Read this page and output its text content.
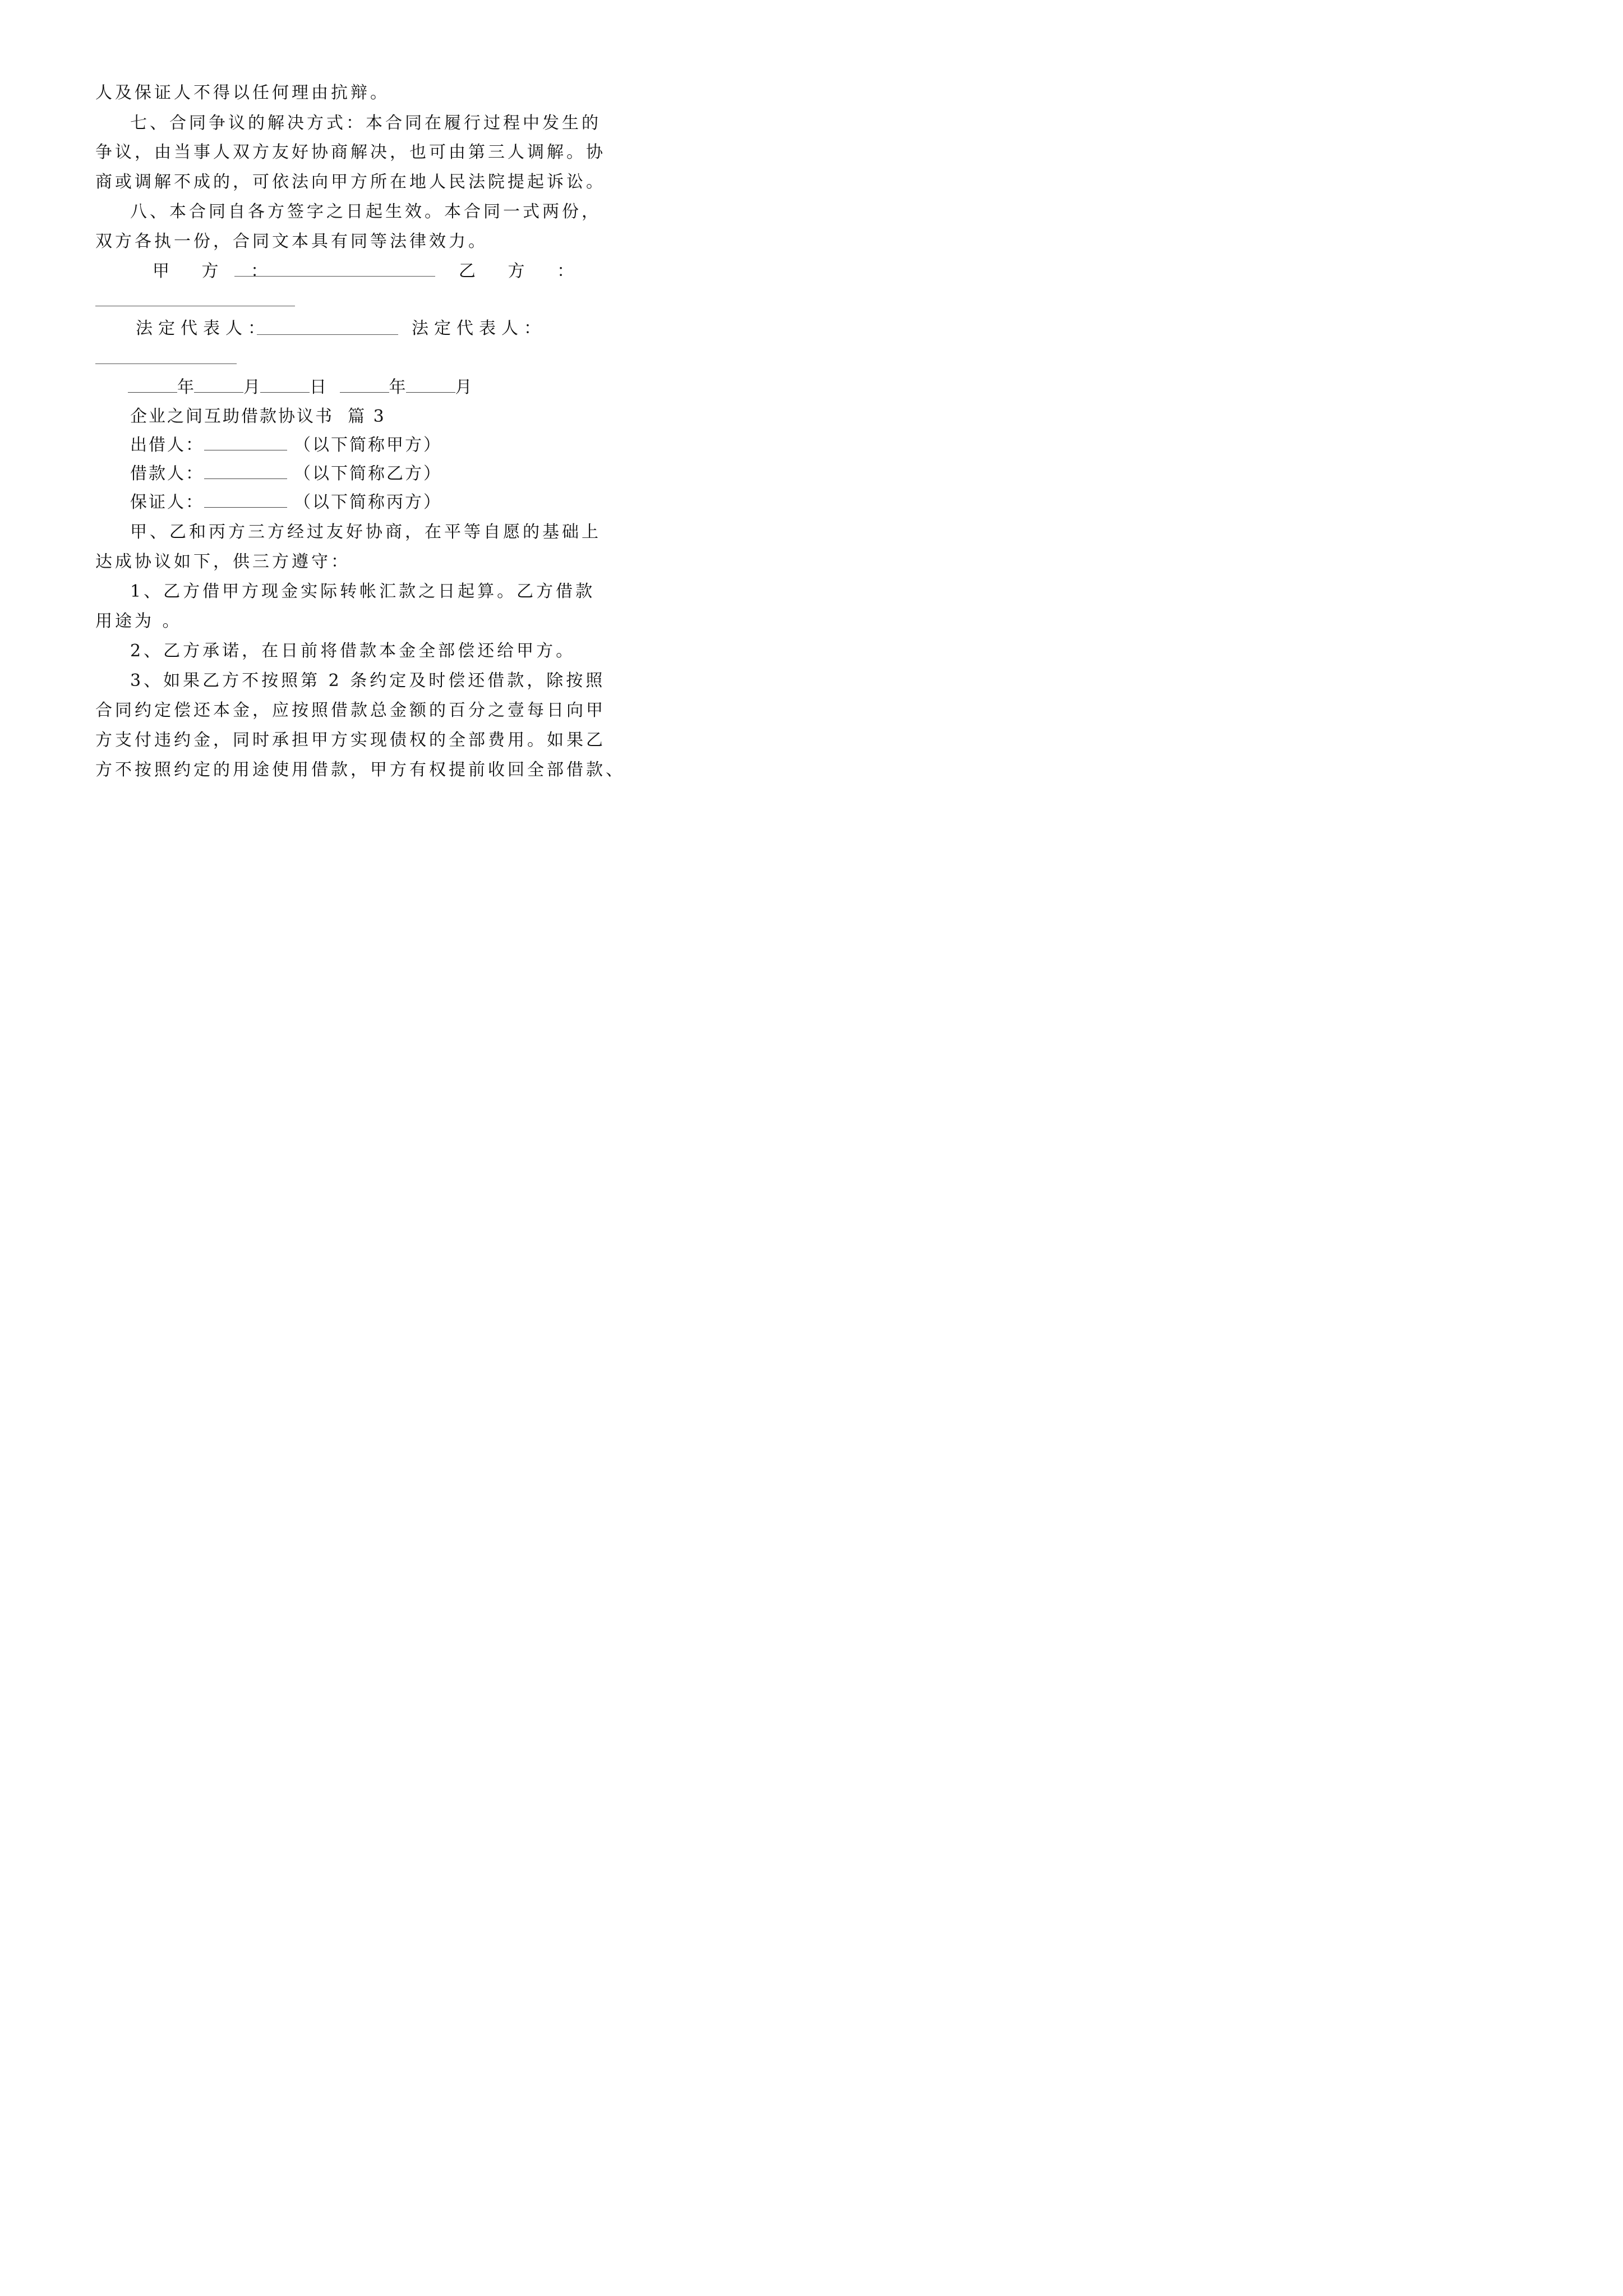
人及保证人不得以任何理由抗辩。
七、合同争议的解决方式：本合同在履行过程中发生的
争议，由当事人双方友好协商解决，也可由第三人调解。协
商或调解不成的，可依法向甲方所在地人民法院提起诉讼。
八、本合同自各方签字之日起生效。本合同一式两份，
双方各执一份，合同文本具有同等法律效力。
甲 方 ：	乙 方 ：
法定代表人：	法定代表人：
年	月	日	年	月
企业之间互助借款协议书  篇 3
出借人：	（以下简称甲方）
借款人：	（以下简称乙方）
保证人：	（以下简称丙方）
甲、乙和丙方三方经过友好协商，在平等自愿的基础上
达成协议如下，供三方遵守：
1、乙方借甲方现金实际转帐汇款之日起算。乙方借款
用途为 。
2、乙方承诺，在日前将借款本金全部偿还给甲方。
3、如果乙方不按照第 2 条约定及时偿还借款，除按照
合同约定偿还本金，应按照借款总金额的百分之壹每日向甲
方支付违约金，同时承担甲方实现债权的全部费用。如果乙
方不按照约定的用途使用借款，甲方有权提前收回全部借款、
